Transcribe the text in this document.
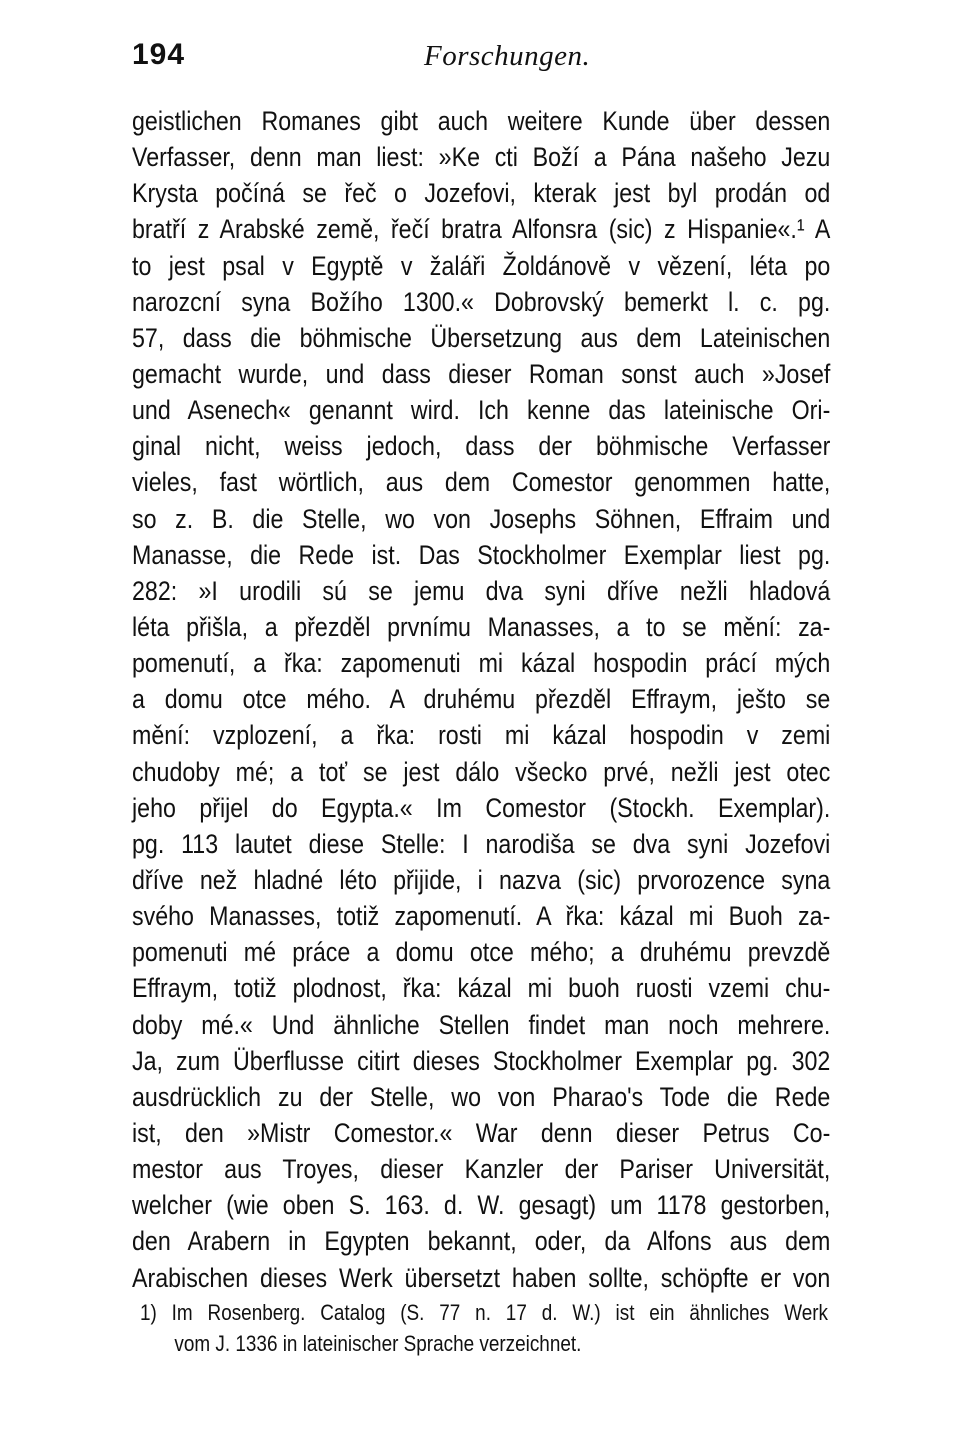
194	Forschungen.
geistlichen Romanes gibt auch weitere Kunde über dessen
Verfasser, denn man liest: »Ke cti Boží a Pána našeho Jezu
Krysta počíná se řeč o Jozefovi, kterak jest byl prodán od
bratří z Arabské země, řečí bratra Alfonsra (sic) z Hispanie«.¹ A
to jest psal v Egyptě v žaláři Žoldánově v vězení, léta po
narozcní syna Božího 1300.« Dobrovský bemerkt l. c. pg.
57, dass die böhmische Übersetzung aus dem Lateinischen
gemacht wurde, und dass dieser Roman sonst auch »Josef
und Asenech« genannt wird. Ich kenne das lateinische Ori-
ginal nicht, weiss jedoch, dass der böhmische Verfasser
vieles, fast wörtlich, aus dem Comestor genommen hatte,
so z. B. die Stelle, wo von Josephs Söhnen, Effraim und
Manasse, die Rede ist. Das Stockholmer Exemplar liest pg.
282: »I urodili sú se jemu dva syni dříve nežli hladová
léta přišla, a přezděl prvnímu Manasses, a to se mění: za-
pomenutí, a řka: zapomenuti mi kázal hospodin prácí mých
a domu otce mého. A druhému přezděl Effraym, ješto se
mění: vzplození, a řka: rosti mi kázal hospodin v zemi
chudoby mé; a toť se jest dálo všecko prvé, nežli jest otec
jeho přijel do Egypta.« Im Comestor (Stockh. Exemplar).
pg. 113 lautet diese Stelle: I narodiša se dva syni Jozefovi
dříve než hladné léto přijide, i nazva (sic) prvorozence syna
svého Manasses, totiž zapomenutí. A řka: kázal mi Buoh za-
pomenuti mé práce a domu otce mého; a druhému prevzdě
Effraym, totiž plodnost, řka: kázal mi buoh ruosti vzemi chu-
doby mé.« Und ähnliche Stellen findet man noch mehrere.
Ja, zum Überflusse citirt dieses Stockholmer Exemplar pg. 302
ausdrücklich zu der Stelle, wo von Pharao's Tode die Rede
ist, den »Mistr Comestor.« War denn dieser Petrus Co-
mestor aus Troyes, dieser Kanzler der Pariser Universität,
welcher (wie oben S. 163. d. W. gesagt) um 1178 gestorben,
den Arabern in Egypten bekannt, oder, da Alfons aus dem
Arabischen dieses Werk übersetzt haben sollte, schöpfte er von
1) Im Rosenberg. Catalog (S. 77 n. 17 d. W.) ist ein ähnliches Werk
vom J. 1336 in lateinischer Sprache verzeichnet.
